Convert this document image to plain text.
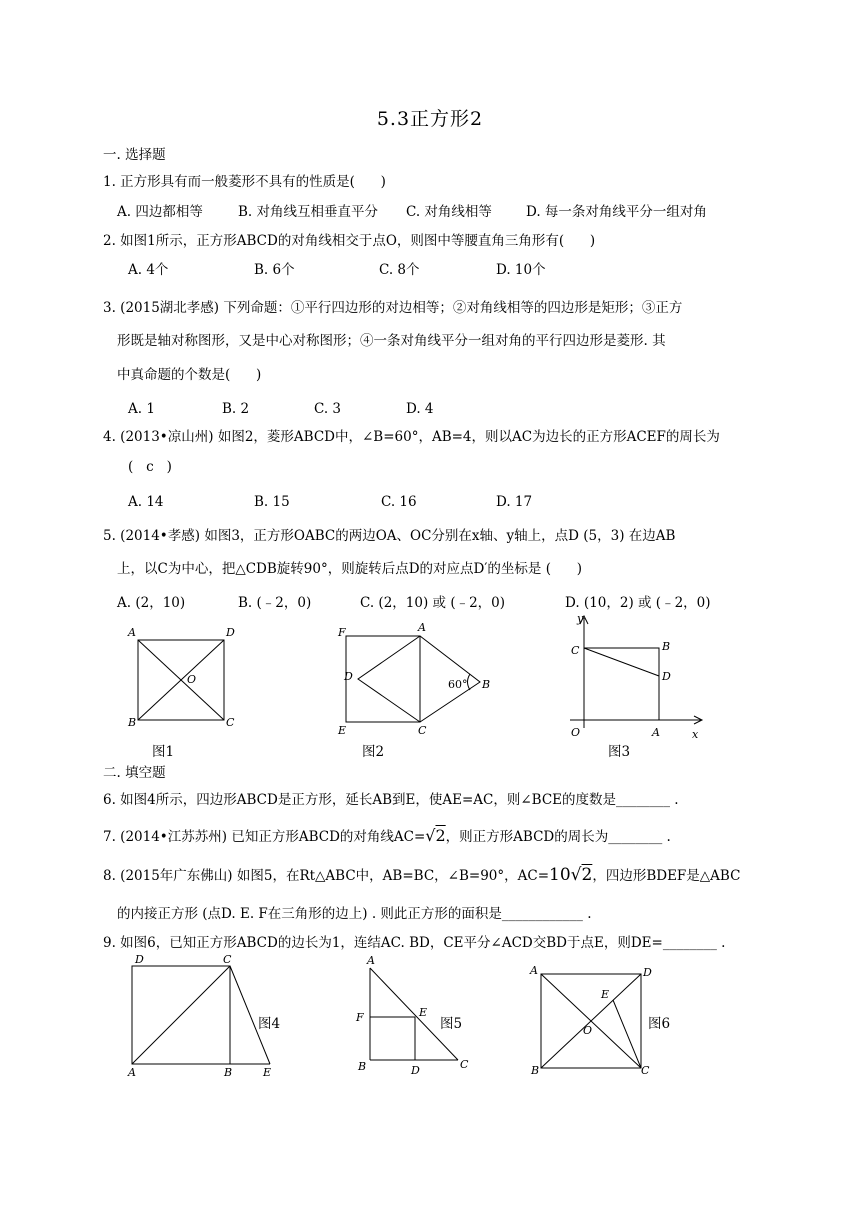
5.3正方形2
一. 选择题
1. 正方形具有而一般菱形不具有的性质是(      )
A. 四边都相等	B. 对角线互相垂直平分 C. 对角线相等	D. 每一条对角线平分一组对角
2. 如图1所示，正方形ABCD的对角线相交于点O，则图中等腰直角三角形有(      )
A. 4个	B. 6个	C. 8个	D. 10个
3. (2015湖北孝感) 下列命题：①平行四边形的对边相等；②对角线相等的四边形是矩形；③正方
形既是轴对称图形，又是中心对称图形；④一条对角线平分一组对角的平行四边形是菱形. 其
中真命题的个数是(      )
A. 1	B. 2	C. 3	D. 4
4. (2013•凉山州) 如图2，菱形ABCD中，∠B=60°，AB=4，则以AC为边长的正方形ACEF的周长为
(   c   )
A. 14	B. 15	C. 16	D. 17
5. (2014•孝感) 如图3，正方形OABC的两边OA、OC分别在x轴、y轴上，点D (5，3) 在边AB
上，以C为中心，把△CDB旋转90°，则旋转后点D的对应点D′的坐标是 (      )
A. (2，10)	B. (﹣2，0)	C. (2，10) 或 (﹣2，0)	D. (10，2) 或 (﹣2，0)
A	D
O
B	C
图1
F	A
D
60° B
E	C
图2
y
C	B
D
O	A	x
图3
二. 填空题
6. 如图4所示，四边形ABCD是正方形，延长AB到E，使AE=AC，则∠BCE的度数是________ .
7. (2014•江苏苏州) 已知正方形ABCD的对角线AC=√2，则正方形ABCD的周长为________ .
8. (2015年广东佛山) 如图5，在Rt△ABC中，AB=BC，∠B=90°，AC=10√2，四边形BDEF是△ABC
的内接正方形 (点D. E. F在三角形的边上) . 则此正方形的面积是____________ .
9. 如图6，已知正方形ABCD的边长为1，连结AC. BD，CE平分∠ACD交BD于点E，则DE=________ .
D	C
A	B	E
图4
A
F	E
B	D	C
图5
A	D
E
O
B	C
图6
